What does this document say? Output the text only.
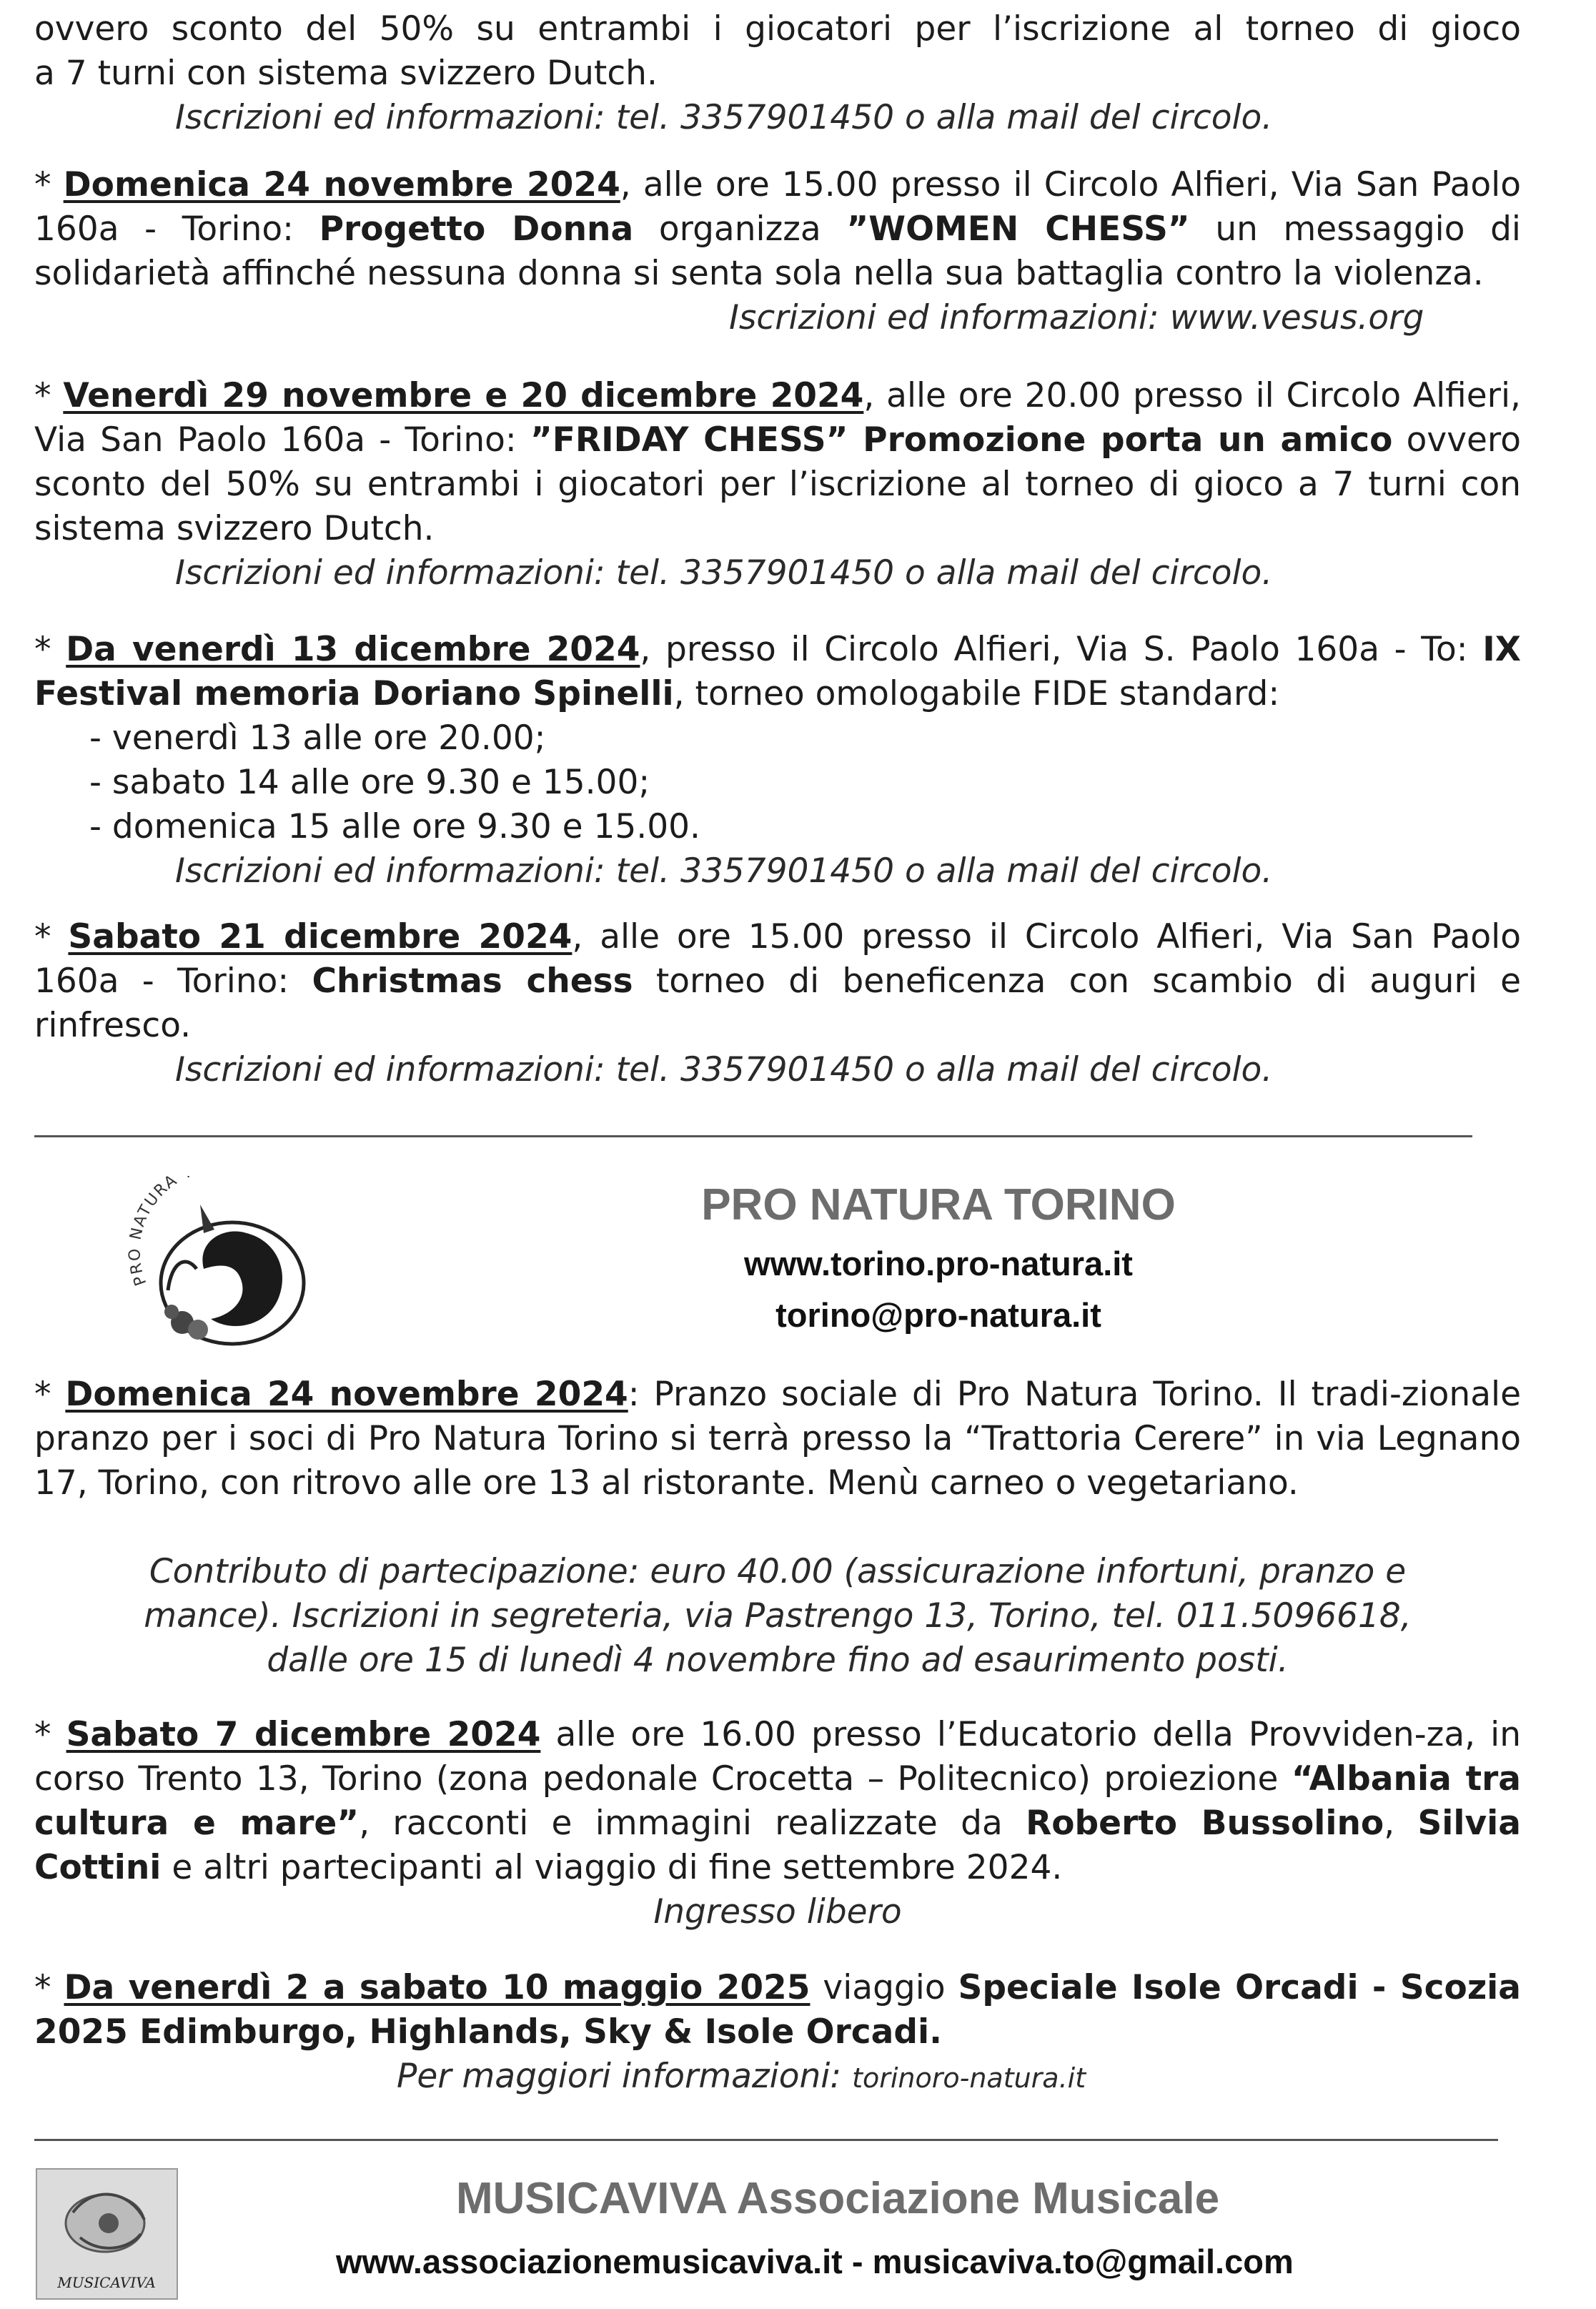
ovvero sconto del 50% su entrambi i giocatori per l’iscrizione al torneo di gioco
a 7 turni con sistema svizzero Dutch.
Iscrizioni ed informazioni: tel. 3357901450 o alla mail del circolo.
* Domenica 24 novembre 2024, alle ore 15.00 presso il Circolo Alfieri, Via San Paolo 160a - Torino: Progetto Donna organizza ”WOMEN CHESS” un messaggio di solidarietà affinché nessuna donna si senta sola nella sua battaglia contro la violenza.
Iscrizioni ed informazioni: www.vesus.org
* Venerdì 29 novembre e 20 dicembre 2024, alle ore 20.00 presso il Circolo Alfieri, Via San Paolo 160a - Torino: ”FRIDAY CHESS” Promozione porta un amico ovvero sconto del 50% su entrambi i giocatori per l’iscrizione al torneo di gioco a 7 turni con sistema svizzero Dutch.
Iscrizioni ed informazioni: tel. 3357901450 o alla mail del circolo.
* Da venerdì 13 dicembre 2024, presso il Circolo Alfieri, Via S. Paolo 160a - To: IX Festival memoria Doriano Spinelli, torneo omologabile FIDE standard:
- venerdì 13 alle ore 20.00;
- sabato 14 alle ore 9.30 e 15.00;
- domenica 15 alle ore 9.30 e 15.00.
Iscrizioni ed informazioni: tel. 3357901450 o alla mail del circolo.
* Sabato 21 dicembre 2024, alle ore 15.00 presso il Circolo Alfieri, Via San Paolo 160a - Torino: Christmas chess torneo di beneficenza con scambio di auguri e rinfresco.
Iscrizioni ed informazioni: tel. 3357901450 o alla mail del circolo.
PRO NATURA	PRO NATURA TORINO
www.torino.pro-natura.it
torino@pro-natura.it
* Domenica 24 novembre 2024: Pranzo sociale di Pro Natura Torino. Il tradi-zionale pranzo per i soci di Pro Natura Torino si terrà presso la “Trattoria Cerere” in via Legnano 17, Torino, con ritrovo alle ore 13 al ristorante. Menù carneo o vegetariano.
Contributo di partecipazione: euro 40.00 (assicurazione infortuni, pranzo e
mance). Iscrizioni in segreteria, via Pastrengo 13, Torino, tel. 011.5096618,
dalle ore 15 di lunedì 4 novembre fino ad esaurimento posti.
* Sabato 7 dicembre 2024 alle ore 16.00 presso l’Educatorio della Provviden-za, in corso Trento 13, Torino (zona pedonale Crocetta – Politecnico) proiezione “Albania tra cultura e mare”, racconti e immagini realizzate da Roberto Bussolino, Silvia Cottini e altri partecipanti al viaggio di fine settembre 2024.
Ingresso libero
* Da venerdì 2 a sabato 10 maggio 2025 viaggio Speciale Isole Orcadi - Scozia 2025 Edimburgo, Highlands, Sky & Isole Orcadi.
Per maggiori informazioni: torinoro-natura.it
MUSICAVIVA
MUSICAVIVA Associazione Musicale
www.associazionemusicaviva.it - musicaviva.to@gmail.com
